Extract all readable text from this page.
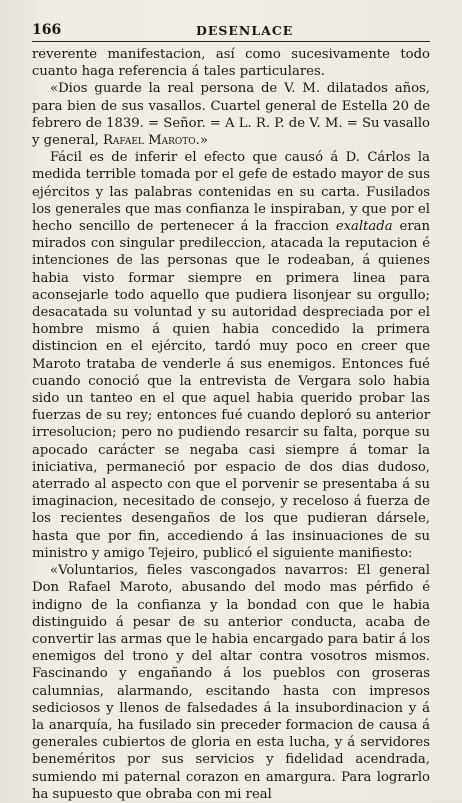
166	DESENLACE

reverente manifestacion, así como sucesivamente todo cuanto haga referencia á tales particulares.

«Dios guarde la real persona de V. M. dilatados años, para bien de sus vasallos. Cuartel general de Estella 20 de febrero de 1839. = Señor. = A L. R. P. de V. M. = Su vasallo y general, Rafael Maroto.»

Fácil es de inferir el efecto que causó á D. Cárlos la medida terrible tomada por el gefe de estado mayor de sus ejércitos y las palabras contenidas en su carta. Fusilados los generales que mas confianza le inspiraban, y que por el hecho sencillo de pertenecer á la fraccion exaltada eran mirados con singular predileccion, atacada la reputacion é intenciones de las personas que le rodeaban, á quienes habia visto formar siempre en primera linea para aconsejarle todo aquello que pudiera lisonjear su orgullo; desacatada su voluntad y su autoridad despreciada por el hombre mismo á quien habia concedido la primera distincion en el ejército, tardó muy poco en creer que Maroto trataba de venderle á sus enemigos. Entonces fué cuando conoció que la entrevista de Vergara solo habia sido un tanteo en el que aquel habia querido probar las fuerzas de su rey; entonces fué cuando deploró su anterior irresolucion; pero no pudiendo resarcir su falta, porque su apocado carácter se negaba casi siempre á tomar la iniciativa, permaneció por espacio de dos dias dudoso, aterrado al aspecto con que el porvenir se presentaba á su imaginacion, necesitado de consejo, y receloso á fuerza de los recientes desengaños de los que pudieran dársele, hasta que por fin, accediendo á las insinuaciones de su ministro y amigo Tejeiro, publicó el siguiente manifiesto:

«Voluntarios, fieles vascongados navarros: El general Don Rafael Maroto, abusando del modo mas pérfido é indigno de la confianza y la bondad con que le habia distinguido á pesar de su anterior conducta, acaba de convertir las armas que le habia encargado para batir á los enemigos del trono y del altar contra vosotros mismos. Fascinando y engañando á los pueblos con groseras calumnias, alarmando, escitando hasta con impresos sediciosos y llenos de falsedades á la insubordinacion y á la anarquía, ha fusilado sin preceder formacion de causa á generales cubiertos de gloria en esta lucha, y á servidores beneméritos por sus servicios y fidelidad acendrada, sumiendo mi paternal corazon en amargura. Para lograrlo ha supuesto que obraba con mi real
